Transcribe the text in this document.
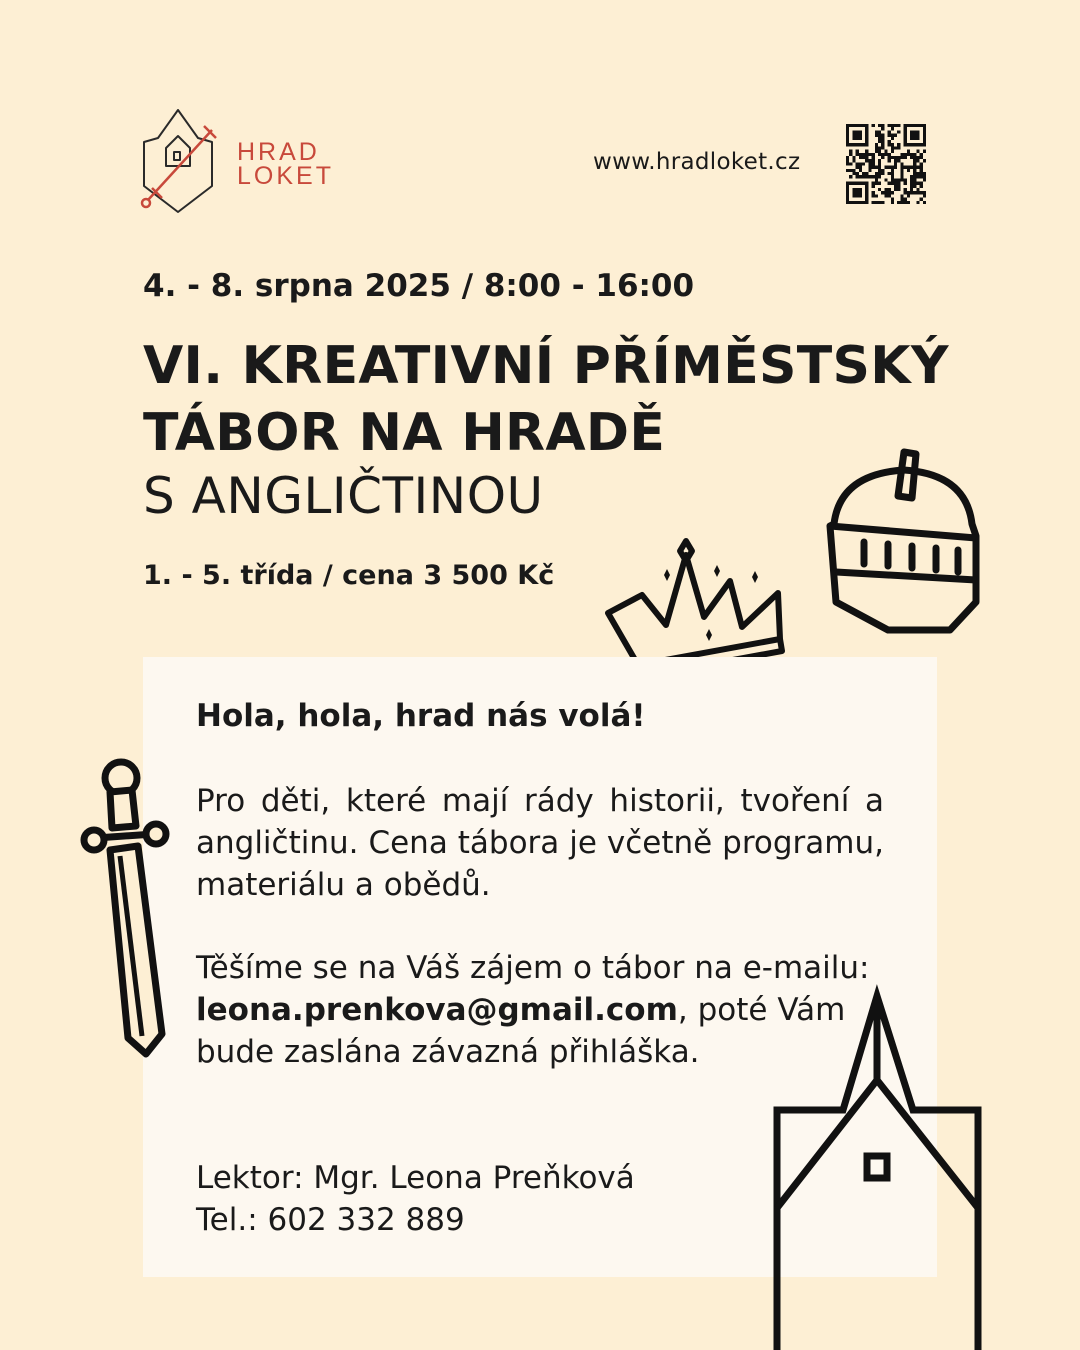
HRAD
LOKET	www.hradloket.cz
4. - 8. srpna 2025 / 8:00 - 16:00
VI. KREATIVNÍ PŘÍMĚSTSKÝ
TÁBOR NA HRADĚ
S ANGLIČTINOU
1. - 5. třída / cena 3 500 Kč
Hola, hola, hrad nás volá!
Pro děti, které mají rády historii, tvoření a angličtinu. Cena tábora je včetně programu, materiálu a obědů.
Těšíme se na Váš zájem o tábor na e-mailu: leona.prenkova@gmail.com, poté Vám bude zaslána závazná přihláška.
Lektor: Mgr. Leona Preňková
Tel.: 602 332 889
